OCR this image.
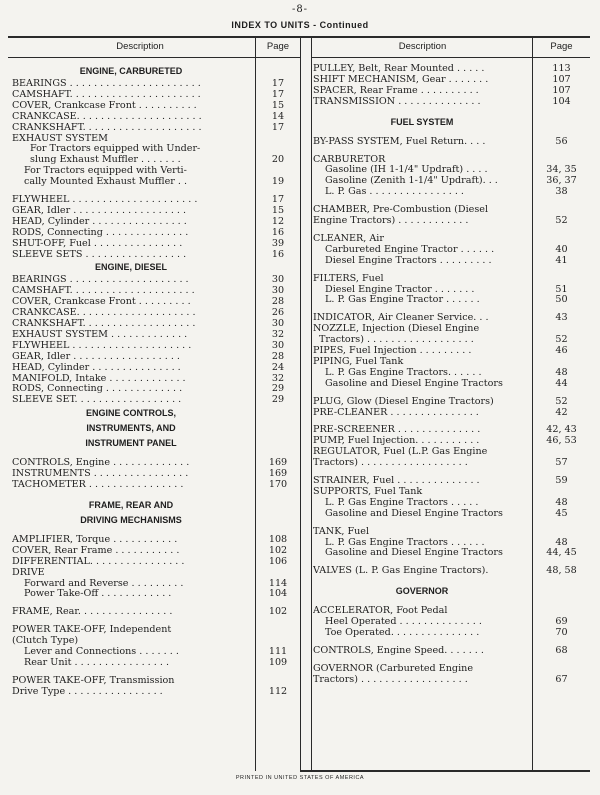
-8-
INDEX TO UNITS - Continued
Description	Page	Description	Page
ENGINE, CARBURETED
BEARINGS . . . . . . . . . . . . . . . . . . . . . .	17
CAMSHAFT. . . . . . . . . . . . . . . . . . . . . .	17
COVER, Crankcase Front . . . . . . . . . .	15
CRANKCASE. . . . . . . . . . . . . . . . . . . . .	14
CRANKSHAFT. . . . . . . . . . . . . . . . . . . .	17
EXHAUST SYSTEM
For Tractors equipped with Under-
slung Exhaust Muffler . . . . . . .	20
For Tractors equipped with Verti-
cally Mounted Exhaust Muffler . .	19
FLYWHEEL . . . . . . . . . . . . . . . . . . . . .	17
GEAR, Idler . . . . . . . . . . . . . . . . . . .	15
HEAD, Cylinder . . . . . . . . . . . . . . . .	12
RODS, Connecting . . . . . . . . . . . . . .	16
SHUT-OFF, Fuel . . . . . . . . . . . . . . .	39
SLEEVE SETS . . . . . . . . . . . . . . . . .	16
ENGINE, DIESEL
BEARINGS . . . . . . . . . . . . . . . . . . . .	30
CAMSHAFT. . . . . . . . . . . . . . . . . . . . .	30
COVER, Crankcase Front . . . . . . . . .	28
CRANKCASE. . . . . . . . . . . . . . . . . . . .	26
CRANKSHAFT. . . . . . . . . . . . . . . . . . .	30
EXHAUST SYSTEM . . . . . . . . . . . . .	32
FLYWHEEL . . . . . . . . . . . . . . . . . . . .	30
GEAR, Idler . . . . . . . . . . . . . . . . . .	28
HEAD, Cylinder . . . . . . . . . . . . . . .	24
MANIFOLD, Intake . . . . . . . . . . . . .	32
RODS, Connecting . . . . . . . . . . . . .	29
SLEEVE SET. . . . . . . . . . . . . . . . . .	29
ENGINE CONTROLS,
INSTRUMENTS, AND
INSTRUMENT PANEL
CONTROLS, Engine . . . . . . . . . . . . .	169
INSTRUMENTS . . . . . . . . . . . . . . . .	169
TACHOMETER . . . . . . . . . . . . . . . .	170
FRAME, REAR AND
DRIVING MECHANISMS
AMPLIFIER, Torque . . . . . . . . . . .	108
COVER, Rear Frame . . . . . . . . . . .	102
DIFFERENTIAL. . . . . . . . . . . . . . . .	106
DRIVE
Forward and Reverse . . . . . . . . .	114
Power Take-Off . . . . . . . . . . . .	104
FRAME, Rear. . . . . . . . . . . . . . . .	102
POWER TAKE-OFF, Independent
(Clutch Type)
Lever and Connections . . . . . . .	111
Rear Unit . . . . . . . . . . . . . . . .	109
POWER TAKE-OFF, Transmission
Drive Type . . . . . . . . . . . . . . . .	112
PULLEY, Belt, Rear Mounted . . . . .	113
SHIFT MECHANISM, Gear . . . . . . .	107
SPACER, Rear Frame . . . . . . . . . .	107
TRANSMISSION . . . . . . . . . . . . . .	104
FUEL SYSTEM
BY-PASS SYSTEM, Fuel Return. . . .	56
CARBURETOR
Gasoline (IH 1-1/4" Updraft) . . . .	34, 35
Gasoline (Zenith 1-1/4" Updraft). . .	36, 37
L. P. Gas . . . . . . . . . . . . . . . .	38
CHAMBER, Pre-Combustion (Diesel
Engine Tractors) . . . . . . . . . . . .	52
CLEANER, Air
Carbureted Engine Tractor . . . . . .	40
Diesel Engine Tractors . . . . . . . . .	41
FILTERS, Fuel
Diesel Engine Tractor . . . . . . .	51
L. P. Gas Engine Tractor . . . . . .	50
INDICATOR, Air Cleaner Service. . .	43
NOZZLE, Injection (Diesel Engine
Tractors) . . . . . . . . . . . . . . . . . .	52
PIPES, Fuel Injection . . . . . . . . .	46
PIPING, Fuel Tank
L. P. Gas Engine Tractors. . . . . .	48
Gasoline and Diesel Engine Tractors	44
PLUG, Glow (Diesel Engine Tractors)	52
PRE-CLEANER . . . . . . . . . . . . . . .	42
PRE-SCREENER . . . . . . . . . . . . . .	42, 43
PUMP, Fuel Injection. . . . . . . . . . .	46, 53
REGULATOR, Fuel (L.P. Gas Engine
Tractors) . . . . . . . . . . . . . . . . . .	57
STRAINER, Fuel . . . . . . . . . . . . . .	59
SUPPORTS, Fuel Tank
L. P. Gas Engine Tractors . . . . .	48
Gasoline and Diesel Engine Tractors	45
TANK, Fuel
L. P. Gas Engine Tractors . . . . . .	48
Gasoline and Diesel Engine Tractors	44, 45
VALVES (L. P. Gas Engine Tractors).	48, 58
GOVERNOR
ACCELERATOR, Foot Pedal
Heel Operated . . . . . . . . . . . . . .	69
Toe Operated. . . . . . . . . . . . . . .	70
CONTROLS, Engine Speed. . . . . . .	68
GOVERNOR (Carbureted Engine
Tractors) . . . . . . . . . . . . . . . . . .	67
PRINTED IN UNITED STATES OF AMERICA
